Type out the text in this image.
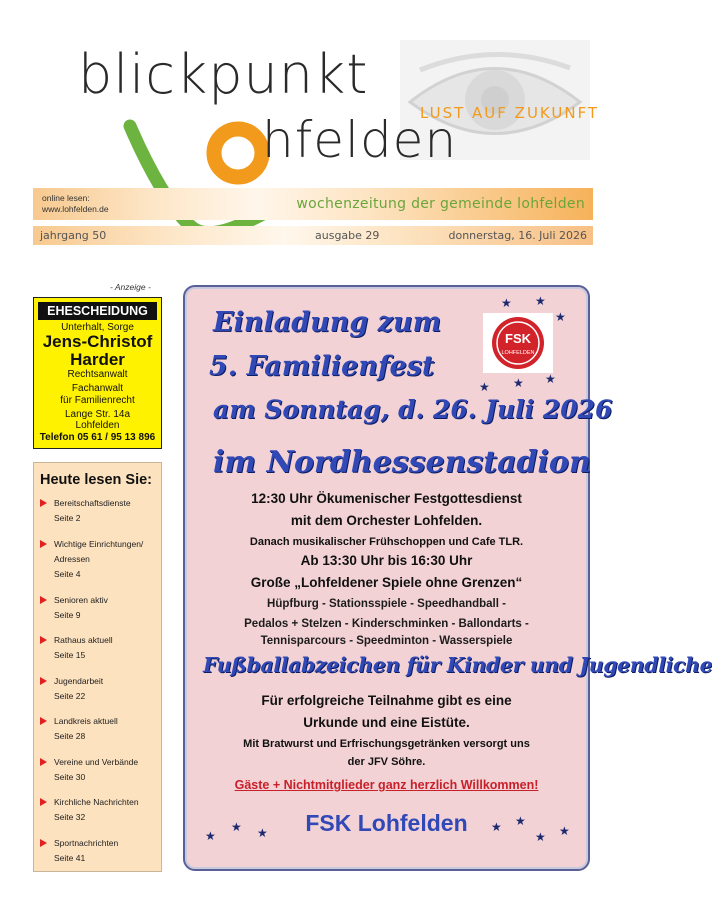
blickpunkt
hfelden
LUST AUF ZUKUNFT
online lesen:
www.lohfelden.de	wochenzeitung der gemeinde lohfelden
jahrgang 50	ausgabe 29	donnerstag, 16. Juli 2026
- Anzeige -
EHESCHEIDUNG
Unterhalt, Sorge
Jens-Christof
Harder
Rechtsanwalt
Fachanwalt
für Familienrecht
Lange Str. 14a
Lohfelden
Telefon 05 61 / 95 13 896
Heute lesen Sie:
Bereitschaftsdienste
Seite 2
Wichtige Einrichtungen/
Adressen
Seite 4
Senioren aktiv
Seite 9
Rathaus aktuell
Seite 15
Jugendarbeit
Seite 22
Landkreis aktuell
Seite 28
Vereine und Verbände
Seite 30
Kirchliche Nachrichten
Seite 32
Sportnachrichten
Seite 41
Einladung zum
5. Familienfest
am Sonntag, d. 26. Juli 2026
im Nordhessenstadion
FSK
LOHFELDEN
★ ★
★
★ ★ ★
12:30 Uhr Ökumenischer Festgottesdienst
mit dem Orchester Lohfelden.
Danach musikalischer Frühschoppen und Cafe TLR.
Ab 13:30 Uhr bis 16:30 Uhr
Große „Lohfeldener Spiele ohne Grenzen“
Hüpfburg - Stationsspiele - Speedhandball -
Pedalos + Stelzen - Kinderschminken - Ballondarts -
Fußballabzeichen für Kinder und Jugendliche
Tennisparcours - Speedminton - Wasserspiele
Für erfolgreiche Teilnahme gibt es eine
Urkunde und eine Eistüte.
Mit Bratwurst und Erfrischungsgetränken versorgt uns
der JFV Söhre.
Gäste + Nichtmitglieder ganz herzlich Willkommen!
★
★ ★	★ ★
★ ★
FSK Lohfelden
